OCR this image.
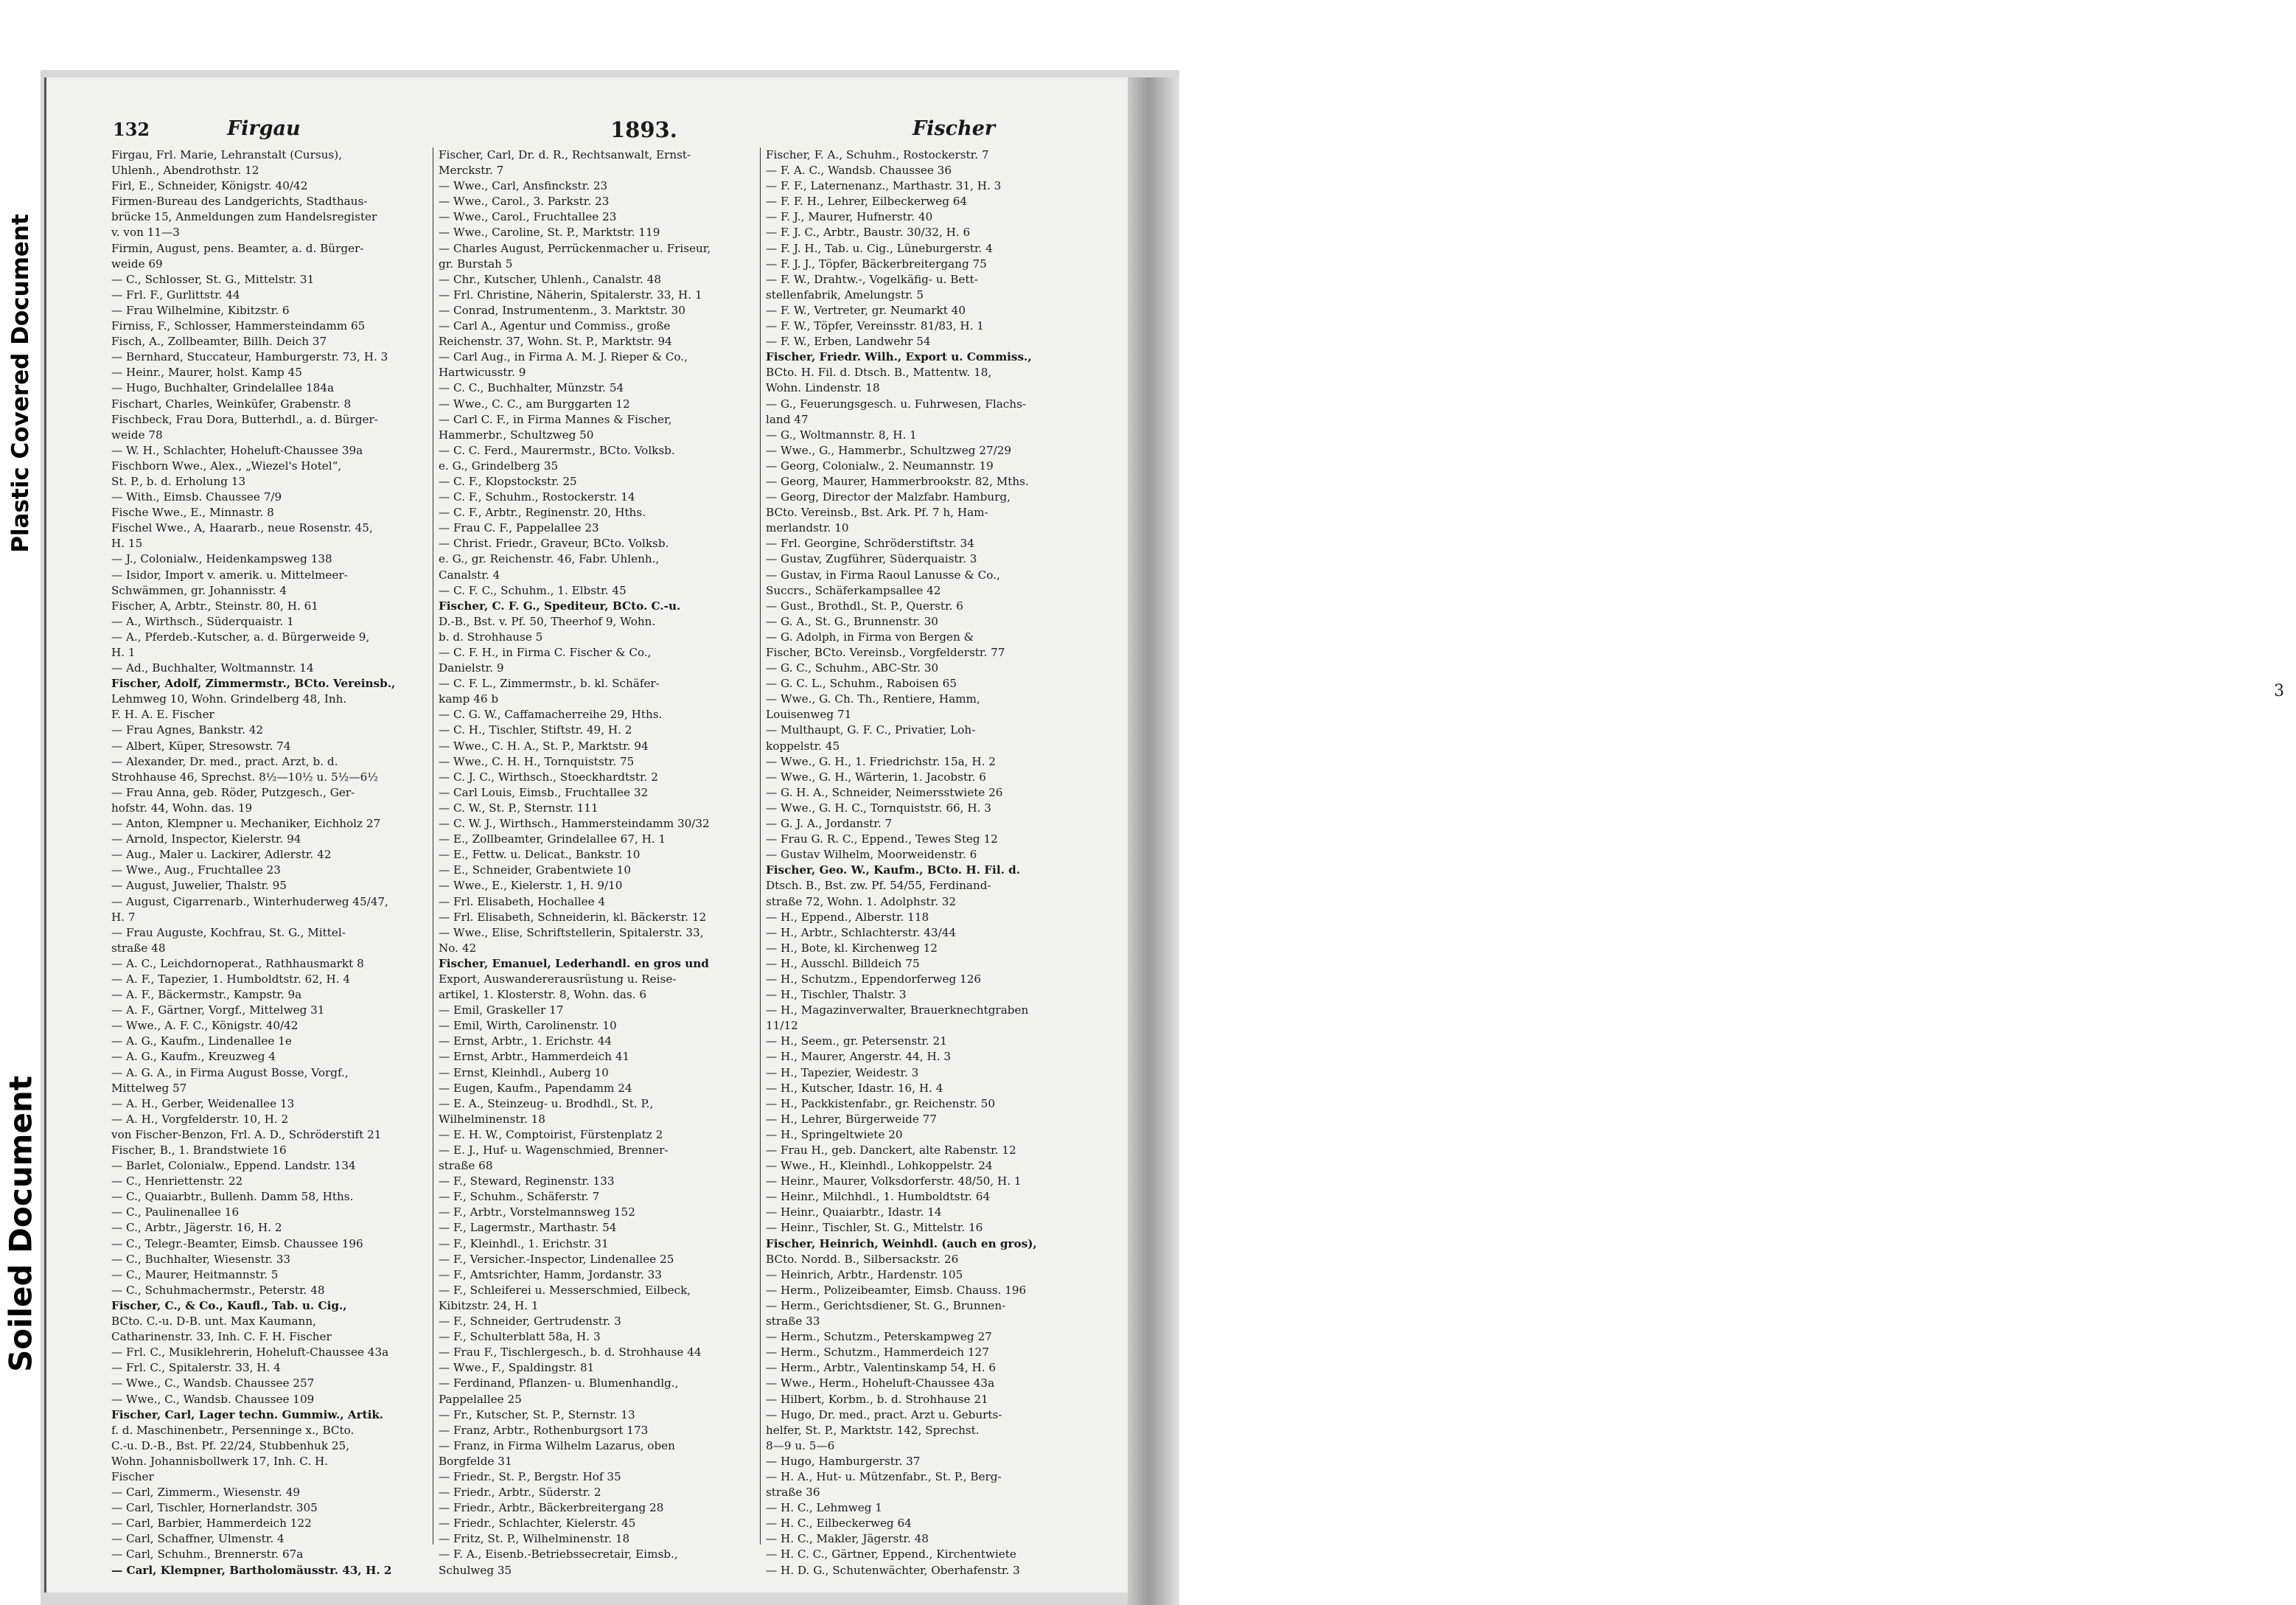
132	Firgau	1893.	Fischer
Firgau, Frl. Marie, Lehranstalt (Cursus),
Uhlenh., Abendrothstr. 12
Firl, E., Schneider, Königstr. 40/42
Firmen-Bureau des Landgerichts, Stadthaus-
brücke 15, Anmeldungen zum Handelsregister
v. von 11—3
Firmin, August, pens. Beamter, a. d. Bürger-
weide 69
— C., Schlosser, St. G., Mittelstr. 31
— Frl. F., Gurlittstr. 44
— Frau Wilhelmine, Kibitzstr. 6
Firniss, F., Schlosser, Hammersteindamm 65
Fisch, A., Zollbeamter, Billh. Deich 37
— Bernhard, Stuccateur, Hamburgerstr. 73, H. 3
— Heinr., Maurer, holst. Kamp 45
— Hugo, Buchhalter, Grindelallee 184a
Fischart, Charles, Weinküfer, Grabenstr. 8
Fischbeck, Frau Dora, Butterhdl., a. d. Bürger-
weide 78
— W. H., Schlachter, Hoheluft-Chaussee 39a
Fischborn Wwe., Alex., „Wiezel's Hotel“,
St. P., b. d. Erholung 13
— With., Eimsb. Chaussee 7/9
Fische Wwe., E., Minnastr. 8
Fischel Wwe., A, Haararb., neue Rosenstr. 45,
H. 15
— J., Colonialw., Heidenkampsweg 138
— Isidor, Import v. amerik. u. Mittelmeer-
Schwämmen, gr. Johannisstr. 4
Fischer, A, Arbtr., Steinstr. 80, H. 61
— A., Wirthsch., Süderquaistr. 1
— A., Pferdeb.-Kutscher, a. d. Bürgerweide 9,
H. 1
— Ad., Buchhalter, Woltmannstr. 14
Fischer, Adolf, Zimmermstr., BCto. Vereinsb.,
Lehmweg 10, Wohn. Grindelberg 48, Inh.
F. H. A. E. Fischer
— Frau Agnes, Bankstr. 42
— Albert, Küper, Stresowstr. 74
— Alexander, Dr. med., pract. Arzt, b. d.
Strohhause 46, Sprechst. 8½—10½ u. 5½—6½
— Frau Anna, geb. Röder, Putzgesch., Ger-
hofstr. 44, Wohn. das. 19
— Anton, Klempner u. Mechaniker, Eichholz 27
— Arnold, Inspector, Kielerstr. 94
— Aug., Maler u. Lackirer, Adlerstr. 42
— Wwe., Aug., Fruchtallee 23
— August, Juwelier, Thalstr. 95
— August, Cigarrenarb., Winterhuderweg 45/47,
H. 7
— Frau Auguste, Kochfrau, St. G., Mittel-
straße 48
— A. C., Leichdornoperat., Rathhausmarkt 8
— A. F., Tapezier, 1. Humboldtstr. 62, H. 4
— A. F., Bäckermstr., Kampstr. 9a
— A. F., Gärtner, Vorgf., Mittelweg 31
— Wwe., A. F. C., Königstr. 40/42
— A. G., Kaufm., Lindenallee 1e
— A. G., Kaufm., Kreuzweg 4
— A. G. A., in Firma August Bosse, Vorgf.,
Mittelweg 57
— A. H., Gerber, Weidenallee 13
— A. H., Vorgfelderstr. 10, H. 2
von Fischer-Benzon, Frl. A. D., Schröderstift 21
Fischer, B., 1. Brandstwiete 16
— Barlet, Colonialw., Eppend. Landstr. 134
— C., Henriettenstr. 22
— C., Quaiarbtr., Bullenh. Damm 58, Hths.
— C., Paulinenallee 16
— C., Arbtr., Jägerstr. 16, H. 2
— C., Telegr.-Beamter, Eimsb. Chaussee 196
— C., Buchhalter, Wiesenstr. 33
— C., Maurer, Heitmannstr. 5
— C., Schuhmachermstr., Peterstr. 48
Fischer, C., & Co., Kaufl., Tab. u. Cig.,
BCto. C.-u. D-B. unt. Max Kaumann,
Catharinenstr. 33, Inh. C. F. H. Fischer
— Frl. C., Musiklehrerin, Hoheluft-Chaussee 43a
— Frl. C., Spitalerstr. 33, H. 4
— Wwe., C., Wandsb. Chaussee 257
— Wwe., C., Wandsb. Chaussee 109
Fischer, Carl, Lager techn. Gummiw., Artik.
f. d. Maschinenbetr., Persenninge x., BCto.
C.-u. D.-B., Bst. Pf. 22/24, Stubbenhuk 25,
Wohn. Johannisbollwerk 17, Inh. C. H.
Fischer
— Carl, Zimmerm., Wiesenstr. 49
— Carl, Tischler, Hornerlandstr. 305
— Carl, Barbier, Hammerdeich 122
— Carl, Schaffner, Ulmenstr. 4
— Carl, Schuhm., Brennerstr. 67a
— Carl, Klempner, Bartholomäusstr. 43, H. 2
Fischer, Carl, Dr. d. R., Rechtsanwalt, Ernst-
Merckstr. 7
— Wwe., Carl, Ansfinckstr. 23
— Wwe., Carol., 3. Parkstr. 23
— Wwe., Carol., Fruchtallee 23
— Wwe., Caroline, St. P., Marktstr. 119
— Charles August, Perrückenmacher u. Friseur,
gr. Burstah 5
— Chr., Kutscher, Uhlenh., Canalstr. 48
— Frl. Christine, Näherin, Spitalerstr. 33, H. 1
— Conrad, Instrumentenm., 3. Marktstr. 30
— Carl A., Agentur und Commiss., große
Reichenstr. 37, Wohn. St. P., Marktstr. 94
— Carl Aug., in Firma A. M. J. Rieper & Co.,
Hartwicusstr. 9
— C. C., Buchhalter, Münzstr. 54
— Wwe., C. C., am Burggarten 12
— Carl C. F., in Firma Mannes & Fischer,
Hammerbr., Schultzweg 50
— C. C. Ferd., Maurermstr., BCto. Volksb.
e. G., Grindelberg 35
— C. F., Klopstockstr. 25
— C. F., Schuhm., Rostockerstr. 14
— C. F., Arbtr., Reginenstr. 20, Hths.
— Frau C. F., Pappelallee 23
— Christ. Friedr., Graveur, BCto. Volksb.
e. G., gr. Reichenstr. 46, Fabr. Uhlenh.,
Canalstr. 4
— C. F. C., Schuhm., 1. Elbstr. 45
Fischer, C. F. G., Spediteur, BCto. C.-u.
D.-B., Bst. v. Pf. 50, Theerhof 9, Wohn.
b. d. Strohhause 5
— C. F. H., in Firma C. Fischer & Co.,
Danielstr. 9
— C. F. L., Zimmermstr., b. kl. Schäfer-
kamp 46 b
— C. G. W., Caffamacherreihe 29, Hths.
— C. H., Tischler, Stiftstr. 49, H. 2
— Wwe., C. H. A., St. P., Marktstr. 94
— Wwe., C. H. H., Tornquiststr. 75
— C. J. C., Wirthsch., Stoeckhardtstr. 2
— Carl Louis, Eimsb., Fruchtallee 32
— C. W., St. P., Sternstr. 111
— C. W. J., Wirthsch., Hammersteindamm 30/32
— E., Zollbeamter, Grindelallee 67, H. 1
— E., Fettw. u. Delicat., Bankstr. 10
— E., Schneider, Grabentwiete 10
— Wwe., E., Kielerstr. 1, H. 9/10
— Frl. Elisabeth, Hochallee 4
— Frl. Elisabeth, Schneiderin, kl. Bäckerstr. 12
— Wwe., Elise, Schriftstellerin, Spitalerstr. 33,
No. 42
Fischer, Emanuel, Lederhandl. en gros und
Export, Auswandererausrüstung u. Reise-
artikel, 1. Klosterstr. 8, Wohn. das. 6
— Emil, Graskeller 17
— Emil, Wirth, Carolinenstr. 10
— Ernst, Arbtr., 1. Erichstr. 44
— Ernst, Arbtr., Hammerdeich 41
— Ernst, Kleinhdl., Auberg 10
— Eugen, Kaufm., Papendamm 24
— E. A., Steinzeug- u. Brodhdl., St. P.,
Wilhelminenstr. 18
— E. H. W., Comptoirist, Fürstenplatz 2
— E. J., Huf- u. Wagenschmied, Brenner-
straße 68
— F., Steward, Reginenstr. 133
— F., Schuhm., Schäferstr. 7
— F., Arbtr., Vorstelmannsweg 152
— F., Lagermstr., Marthastr. 54
— F., Kleinhdl., 1. Erichstr. 31
— F., Versicher.-Inspector, Lindenallee 25
— F., Amtsrichter, Hamm, Jordanstr. 33
— F., Schleiferei u. Messerschmied, Eilbeck,
Kibitzstr. 24, H. 1
— F., Schneider, Gertrudenstr. 3
— F., Schulterblatt 58a, H. 3
— Frau F., Tischlergesch., b. d. Strohhause 44
— Wwe., F., Spaldingstr. 81
— Ferdinand, Pflanzen- u. Blumenhandlg.,
Pappelallee 25
— Fr., Kutscher, St. P., Sternstr. 13
— Franz, Arbtr., Rothenburgsort 173
— Franz, in Firma Wilhelm Lazarus, oben
Borgfelde 31
— Friedr., St. P., Bergstr. Hof 35
— Friedr., Arbtr., Süderstr. 2
— Friedr., Arbtr., Bäckerbreitergang 28
— Friedr., Schlachter, Kielerstr. 45
— Fritz, St. P., Wilhelminenstr. 18
— F. A., Eisenb.-Betriebssecretair, Eimsb.,
Schulweg 35
Fischer, F. A., Schuhm., Rostockerstr. 7
— F. A. C., Wandsb. Chaussee 36
— F. F., Laternenanz., Marthastr. 31, H. 3
— F. F. H., Lehrer, Eilbeckerweg 64
— F. J., Maurer, Hufnerstr. 40
— F. J. C., Arbtr., Baustr. 30/32, H. 6
— F. J. H., Tab. u. Cig., Lüneburgerstr. 4
— F. J. J., Töpfer, Bäckerbreitergang 75
— F. W., Drahtw.-, Vogelkäfig- u. Bett-
stellenfabrik, Amelungstr. 5
— F. W., Vertreter, gr. Neumarkt 40
— F. W., Töpfer, Vereinsstr. 81/83, H. 1
— F. W., Erben, Landwehr 54
Fischer, Friedr. Wilh., Export u. Commiss.,
BCto. H. Fil. d. Dtsch. B., Mattentw. 18,
Wohn. Lindenstr. 18
— G., Feuerungsgesch. u. Fuhrwesen, Flachs-
land 47
— G., Woltmannstr. 8, H. 1
— Wwe., G., Hammerbr., Schultzweg 27/29
— Georg, Colonialw., 2. Neumannstr. 19
— Georg, Maurer, Hammerbrookstr. 82, Mths.
— Georg, Director der Malzfabr. Hamburg,
BCto. Vereinsb., Bst. Ark. Pf. 7 h, Ham-
merlandstr. 10
— Frl. Georgine, Schröderstiftstr. 34
— Gustav, Zugführer, Süderquaistr. 3
— Gustav, in Firma Raoul Lanusse & Co.,
Succrs., Schäferkampsallee 42
— Gust., Brothdl., St. P., Querstr. 6
— G. A., St. G., Brunnenstr. 30
— G. Adolph, in Firma von Bergen &
Fischer, BCto. Vereinsb., Vorgfelderstr. 77
— G. C., Schuhm., ABC-Str. 30
— G. C. L., Schuhm., Raboisen 65
— Wwe., G. Ch. Th., Rentiere, Hamm,
Louisenweg 71
— Multhaupt, G. F. C., Privatier, Loh-
koppelstr. 45
— Wwe., G. H., 1. Friedrichstr. 15a, H. 2
— Wwe., G. H., Wärterin, 1. Jacobstr. 6
— G. H. A., Schneider, Neimersstwiete 26
— Wwe., G. H. C., Tornquiststr. 66, H. 3
— G. J. A., Jordanstr. 7
— Frau G. R. C., Eppend., Tewes Steg 12
— Gustav Wilhelm, Moorweidenstr. 6
Fischer, Geo. W., Kaufm., BCto. H. Fil. d.
Dtsch. B., Bst. zw. Pf. 54/55, Ferdinand-
straße 72, Wohn. 1. Adolphstr. 32
— H., Eppend., Alberstr. 118
— H., Arbtr., Schlachterstr. 43/44
— H., Bote, kl. Kirchenweg 12
— H., Ausschl. Billdeich 75
— H., Schutzm., Eppendorferweg 126
— H., Tischler, Thalstr. 3
— H., Magazinverwalter, Brauerknechtgraben
11/12
— H., Seem., gr. Petersenstr. 21
— H., Maurer, Angerstr. 44, H. 3
— H., Tapezier, Weidestr. 3
— H., Kutscher, Idastr. 16, H. 4
— H., Packkistenfabr., gr. Reichenstr. 50
— H., Lehrer, Bürgerweide 77
— H., Springeltwiete 20
— Frau H., geb. Danckert, alte Rabenstr. 12
— Wwe., H., Kleinhdl., Lohkoppelstr. 24
— Heinr., Maurer, Volksdorferstr. 48/50, H. 1
— Heinr., Milchhdl., 1. Humboldtstr. 64
— Heinr., Quaiarbtr., Idastr. 14
— Heinr., Tischler, St. G., Mittelstr. 16
Fischer, Heinrich, Weinhdl. (auch en gros),
BCto. Nordd. B., Silbersackstr. 26
— Heinrich, Arbtr., Hardenstr. 105
— Herm., Polizeibeamter, Eimsb. Chauss. 196
— Herm., Gerichtsdiener, St. G., Brunnen-
straße 33
— Herm., Schutzm., Peterskampweg 27
— Herm., Schutzm., Hammerdeich 127
— Herm., Arbtr., Valentinskamp 54, H. 6
— Wwe., Herm., Hoheluft-Chaussee 43a
— Hilbert, Korbm., b. d. Strohhause 21
— Hugo, Dr. med., pract. Arzt u. Geburts-
helfer, St. P., Marktstr. 142, Sprechst.
8—9 u. 5—6
— Hugo, Hamburgerstr. 37
— H. A., Hut- u. Mützenfabr., St. P., Berg-
straße 36
— H. C., Lehmweg 1
— H. C., Eilbeckerweg 64
— H. C., Makler, Jägerstr. 48
— H. C. C., Gärtner, Eppend., Kirchentwiete
— H. D. G., Schutenwächter, Oberhafenstr. 3
3
Plastic Covered Document
Soiled Document
